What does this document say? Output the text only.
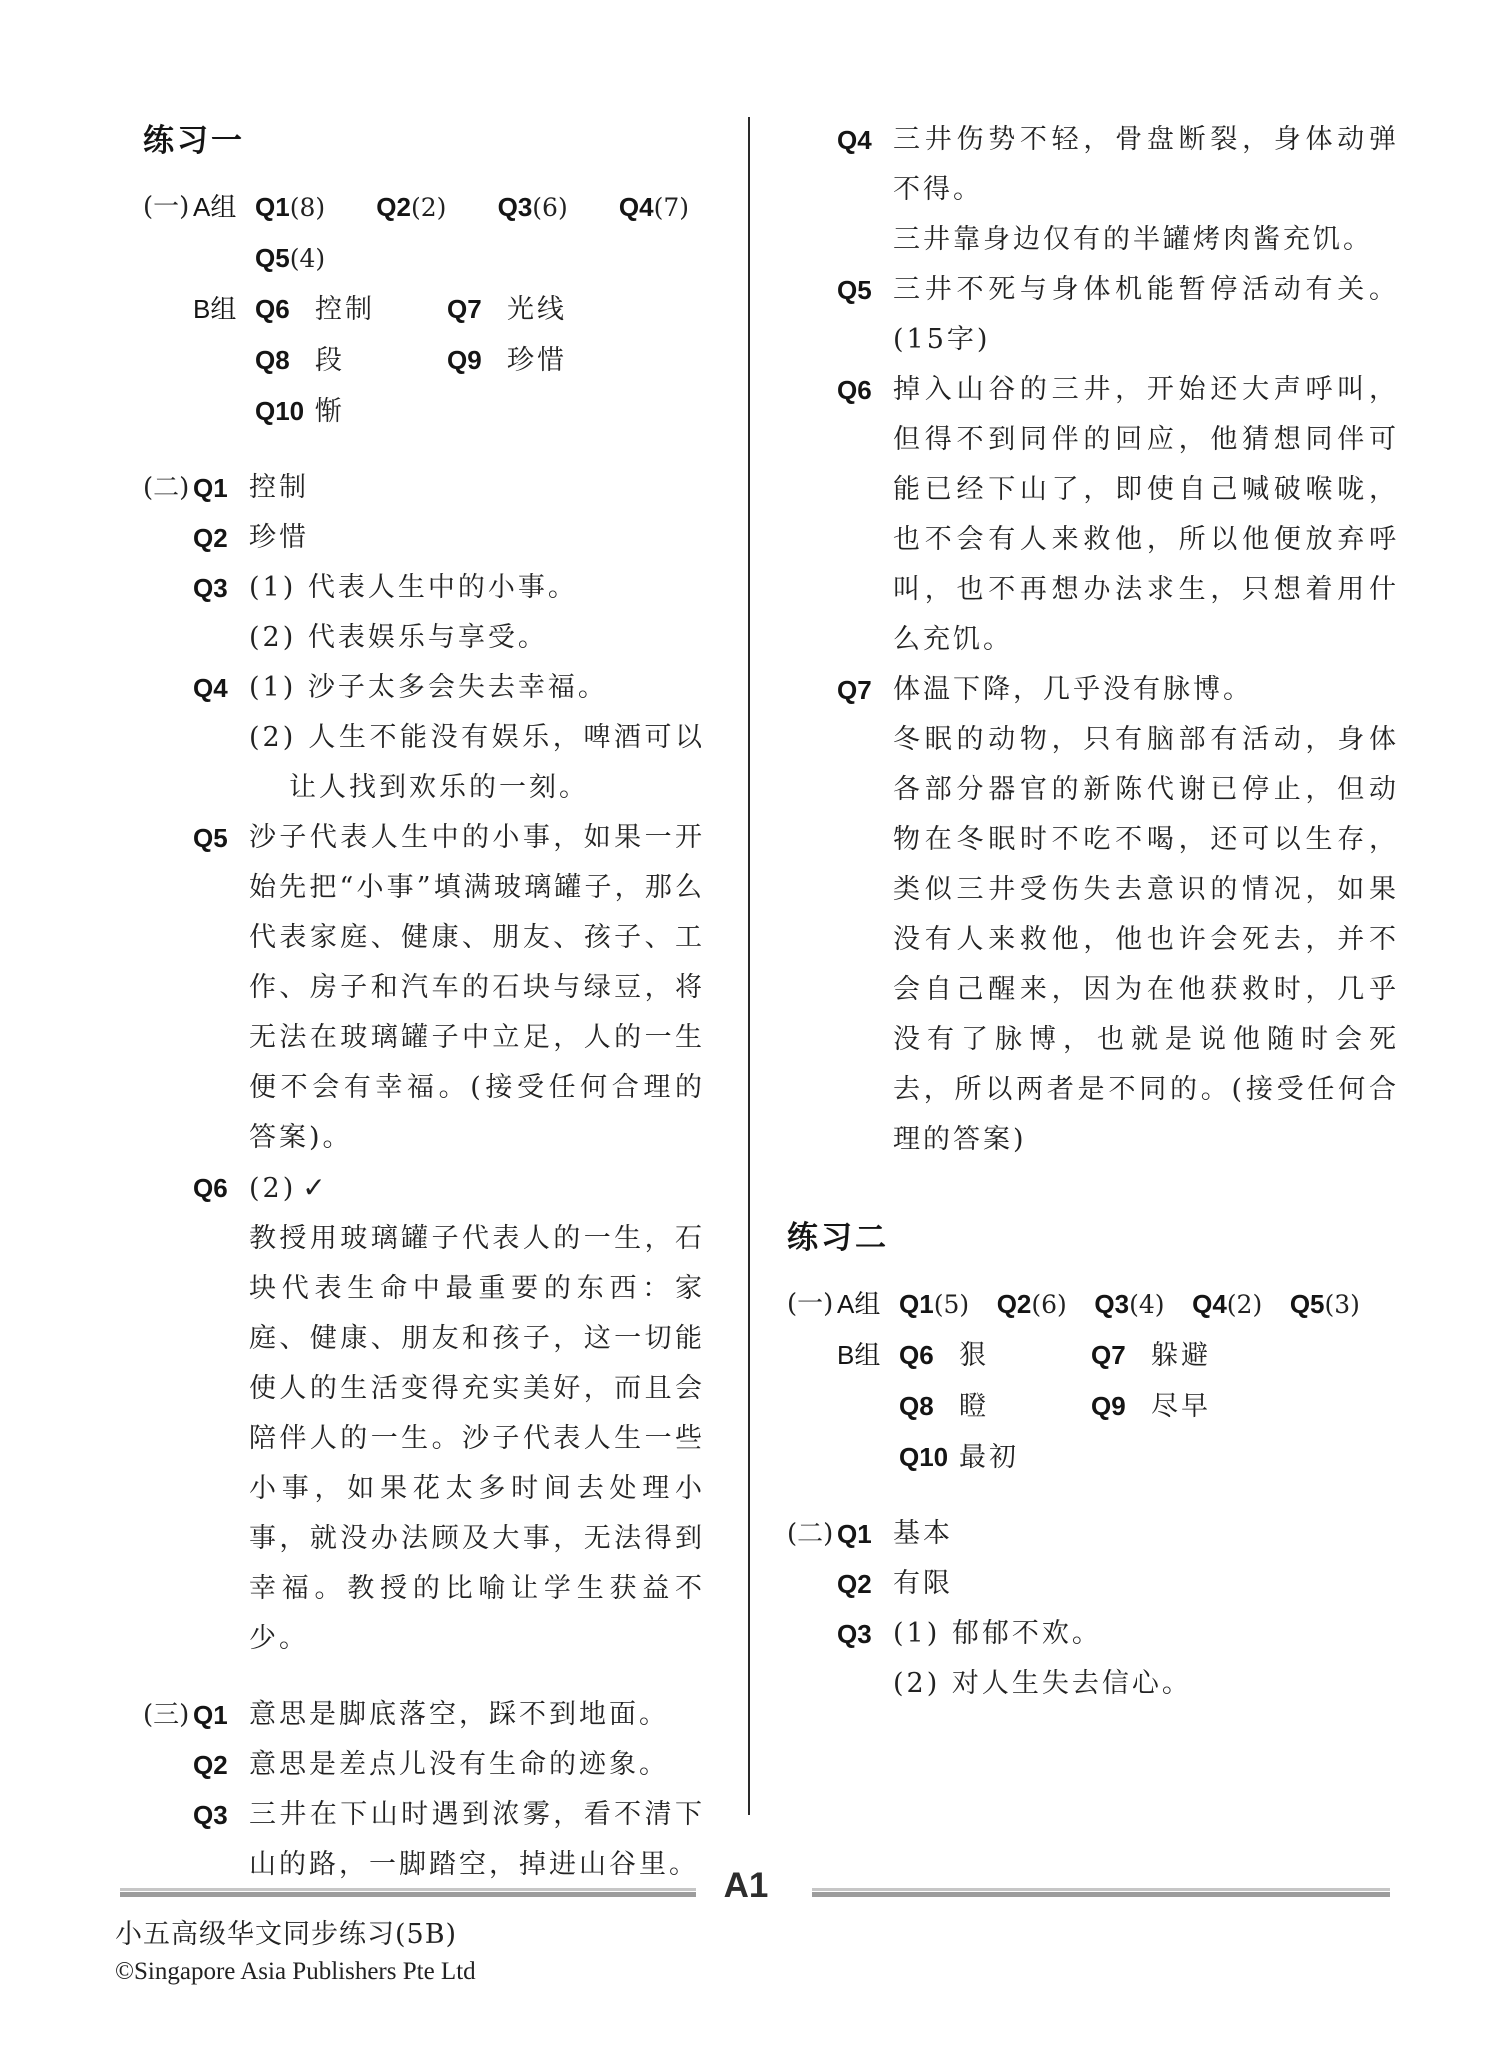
练习一
(一) A组 Q1(8) Q2(2) Q3(6) Q4(7) Q5(4)
B组 Q6 控制	Q7 光线
Q8 段	Q9 珍惜
Q10 惭
(二) Q1 控制
Q2 珍惜
Q3 (1) 代表人生中的小事。
(2) 代表娱乐与享受。
Q4 (1) 沙子太多会失去幸福。
(2) 人生不能没有娱乐，啤酒可以让人找到欢乐的一刻。
Q5 沙子代表人生中的小事，如果一开始先把“小事”填满玻璃罐子，那么代表家庭、健康、朋友、孩子、工作、房子和汽车的石块与绿豆，将无法在玻璃罐子中立足，人的一生便不会有幸福。(接受任何合理的答案)。
Q6 (2) ✓
教授用玻璃罐子代表人的一生，石块代表生命中最重要的东西：家庭、健康、朋友和孩子，这一切能使人的生活变得充实美好，而且会陪伴人的一生。沙子代表人生一些小事，如果花太多时间去处理小事，就没办法顾及大事，无法得到幸福。教授的比喻让学生获益不少。
(三) Q1 意思是脚底落空，踩不到地面。
Q2 意思是差点儿没有生命的迹象。
Q3 三井在下山时遇到浓雾，看不清下山的路，一脚踏空，掉进山谷里。
Q4 三井伤势不轻，骨盘断裂，身体动弹不得。
三井靠身边仅有的半罐烤肉酱充饥。
Q5 三井不死与身体机能暂停活动有关。(15字)
Q6 掉入山谷的三井，开始还大声呼叫，但得不到同伴的回应，他猜想同伴可能已经下山了，即使自己喊破喉咙，也不会有人来救他，所以他便放弃呼叫，也不再想办法求生，只想着用什么充饥。
Q7 体温下降，几乎没有脉博。
冬眠的动物，只有脑部有活动，身体各部分器官的新陈代谢已停止，但动物在冬眠时不吃不喝，还可以生存，类似三井受伤失去意识的情况，如果没有人来救他，他也许会死去，并不会自己醒来，因为在他获救时，几乎没有了脉博，也就是说他随时会死去，所以两者是不同的。(接受任何合理的答案)
练习二
(一) A组 Q1(5) Q2(6) Q3(4) Q4(2) Q5(3)
B组 Q6 狠	Q7 躲避
Q8 瞪	Q9 尽早
Q10 最初
(二) Q1 基本
Q2 有限
Q3 (1) 郁郁不欢。
(2) 对人生失去信心。
A1
小五高级华文同步练习(5B)
©Singapore Asia Publishers Pte Ltd
